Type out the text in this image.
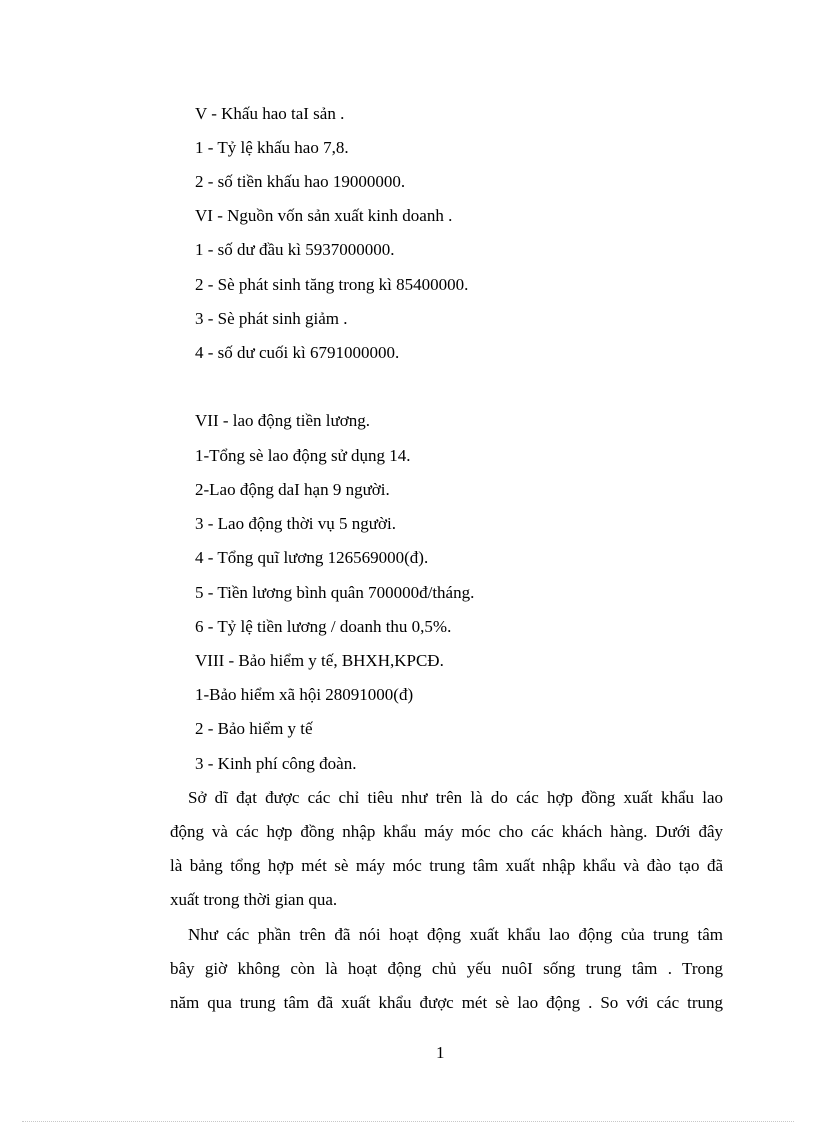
V - Khấu hao taI sản .
1 - Tỷ lệ khấu hao 7,8.
2 - số tiền khấu hao 19000000.
VI - Nguồn vốn sản xuất kinh doanh .
1 - số dư đầu kì 5937000000.
2 - Sè phát sinh tăng trong kì 85400000.
3 - Sè phát sinh giảm .
4 - số dư cuối kì 6791000000.
VII - lao động tiền lương.
1-Tổng sè lao động sử dụng 14.
2-Lao động daI hạn 9 người.
3 - Lao động thời vụ 5 người.
4 - Tổng quĩ lương 126569000(đ).
5 - Tiền lương bình quân 700000đ/tháng.
6 - Tỷ lệ tiền lương / doanh thu 0,5%.
VIII - Bảo hiểm y tế, BHXH,KPCĐ.
1-Bảo hiểm xã hội 28091000(đ)
2 - Bảo hiểm y tế
3 - Kinh phí công đoàn.
Sở dĩ đạt được các chỉ tiêu như trên là do các hợp đồng xuất khẩu lao
động và các hợp đồng nhập khẩu máy móc cho các khách hàng. Dưới đây
là bảng tổng hợp mét sè máy móc trung tâm xuất nhập khẩu và đào tạo đã
xuất trong thời gian qua.
Như các phần trên đã nói hoạt động xuất khẩu lao động của trung tâm
bây giờ không còn là hoạt động chủ yếu nuôI sống trung tâm . Trong
năm qua trung tâm đã xuất khẩu được mét sè lao động . So với các trung
1
